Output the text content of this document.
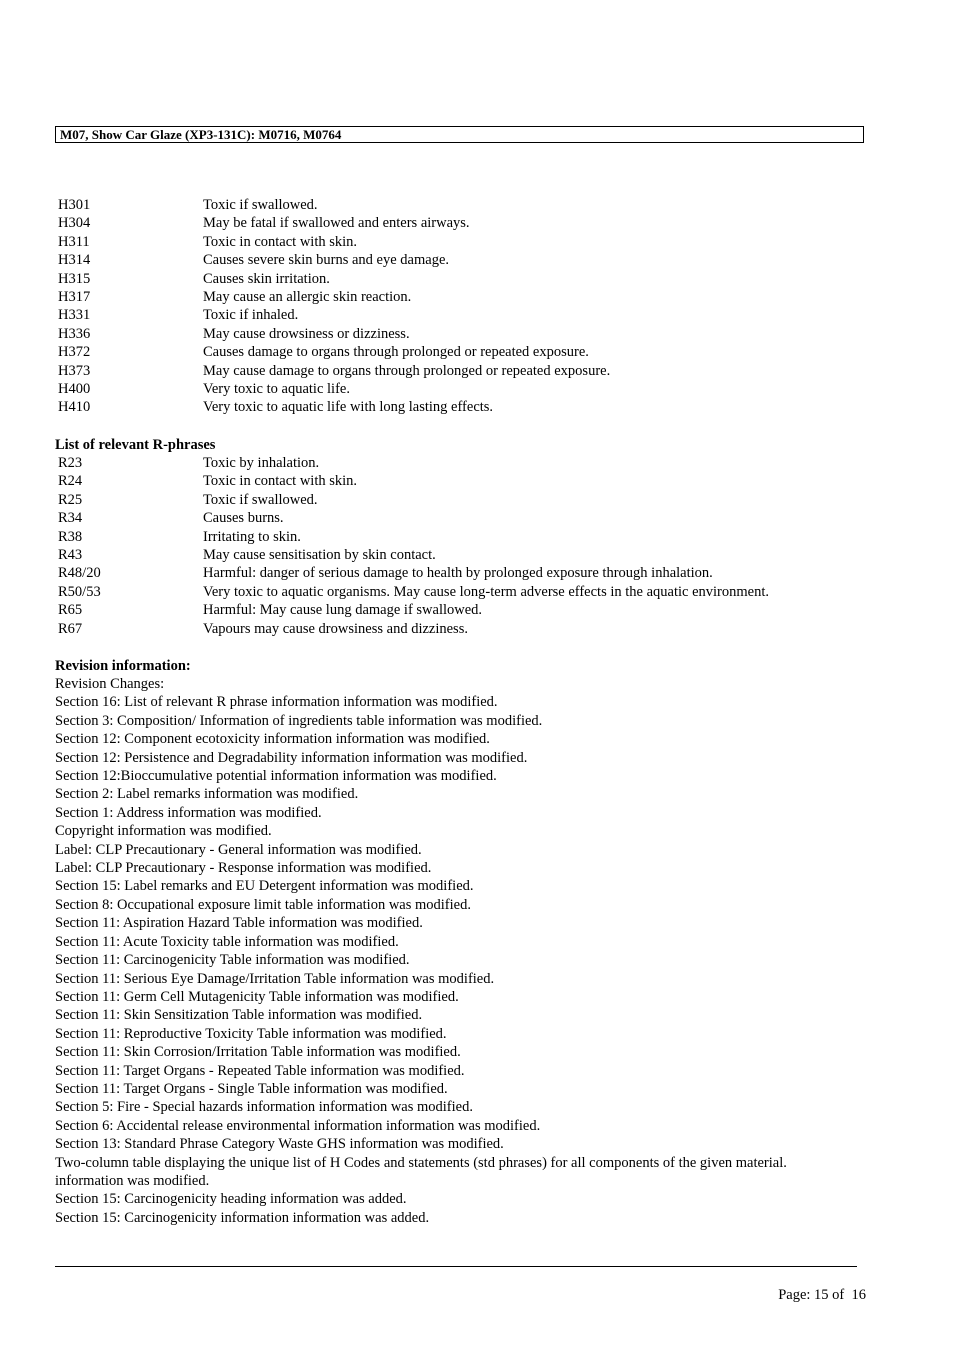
M07, Show Car Glaze (XP3-131C): M0716, M0764
H301	Toxic if swallowed.
H304	May be fatal if swallowed and enters airways.
H311	Toxic in contact with skin.
H314	Causes severe skin burns and eye damage.
H315	Causes skin irritation.
H317	May cause an allergic skin reaction.
H331	Toxic if inhaled.
H336	May cause drowsiness or dizziness.
H372	Causes damage to organs through prolonged or repeated exposure.
H373	May cause damage to organs through prolonged or repeated exposure.
H400	Very toxic to aquatic life.
H410	Very toxic to aquatic life with long lasting effects.
List of relevant R-phrases
R23	Toxic by inhalation.
R24	Toxic in contact with skin.
R25	Toxic if swallowed.
R34	Causes burns.
R38	Irritating to skin.
R43	May cause sensitisation by skin contact.
R48/20	Harmful: danger of serious damage to health by prolonged exposure through inhalation.
R50/53	Very toxic to aquatic organisms. May cause long-term adverse effects in the aquatic environment.
R65	Harmful: May cause lung damage if swallowed.
R67	Vapours may cause drowsiness and dizziness.
Revision information:
Revision Changes:
Section 16: List of relevant R phrase information information was modified.
Section 3: Composition/ Information of ingredients table information was modified.
Section 12: Component ecotoxicity information information was modified.
Section 12: Persistence and Degradability information information was modified.
Section 12:Bioccumulative potential information information was modified.
Section 2: Label remarks information was modified.
Section 1: Address information was modified.
Copyright information was modified.
Label: CLP Precautionary - General information was modified.
Label: CLP Precautionary - Response information was modified.
Section 15: Label remarks and EU Detergent information was modified.
Section 8: Occupational exposure limit table information was modified.
Section 11: Aspiration Hazard Table information was modified.
Section 11: Acute Toxicity table information was modified.
Section 11: Carcinogenicity Table information was modified.
Section 11: Serious Eye Damage/Irritation Table information was modified.
Section 11: Germ Cell Mutagenicity Table information was modified.
Section 11: Skin Sensitization Table information was modified.
Section 11: Reproductive Toxicity Table information was modified.
Section 11: Skin Corrosion/Irritation Table information was modified.
Section 11: Target Organs - Repeated Table information was modified.
Section 11: Target Organs - Single Table information was modified.
Section 5: Fire - Special hazards information information was modified.
Section 6: Accidental release environmental information information was modified.
Section 13: Standard Phrase Category Waste GHS information was modified.
Two-column table displaying the unique list of H Codes and statements (std phrases) for all components of the given material. information was modified.
Section 15: Carcinogenicity heading information was added.
Section 15: Carcinogenicity information information was added.
Page: 15 of  16
